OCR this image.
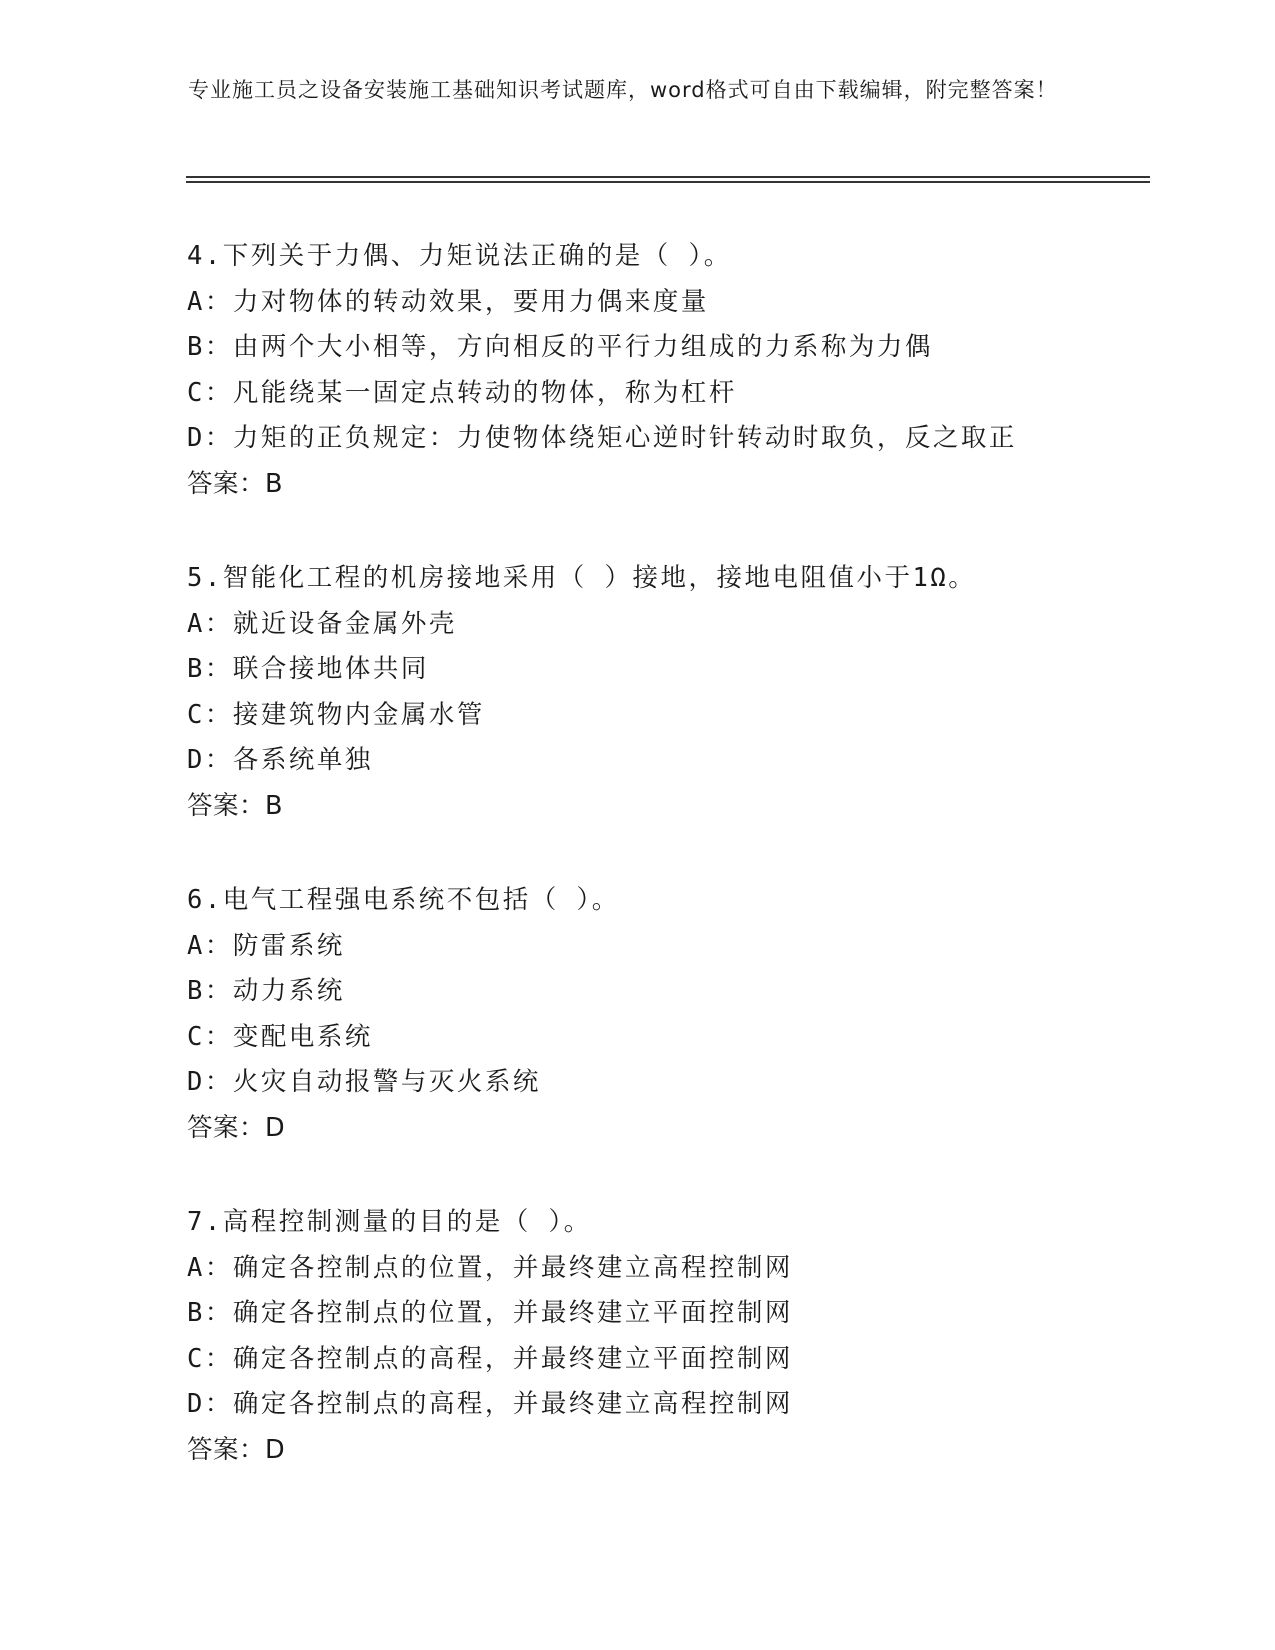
专业施工员之设备安装施工基础知识考试题库，word格式可自由下载编辑，附完整答案！
4.下列关于力偶、力矩说法正确的是（ ）。
A：力对物体的转动效果，要用力偶来度量
B：由两个大小相等，方向相反的平行力组成的力系称为力偶
C：凡能绕某一固定点转动的物体，称为杠杆
D：力矩的正负规定：力使物体绕矩心逆时针转动时取负，反之取正
答案：B
5.智能化工程的机房接地采用（ ）接地，接地电阻值小于1Ω。
A：就近设备金属外壳
B：联合接地体共同
C：接建筑物内金属水管
D：各系统单独
答案：B
6.电气工程强电系统不包括（ ）。
A：防雷系统
B：动力系统
C：变配电系统
D：火灾自动报警与灭火系统
答案：D
7.高程控制测量的目的是（ ）。
A：确定各控制点的位置，并最终建立高程控制网
B：确定各控制点的位置，并最终建立平面控制网
C：确定各控制点的高程，并最终建立平面控制网
D：确定各控制点的高程，并最终建立高程控制网
答案：D
